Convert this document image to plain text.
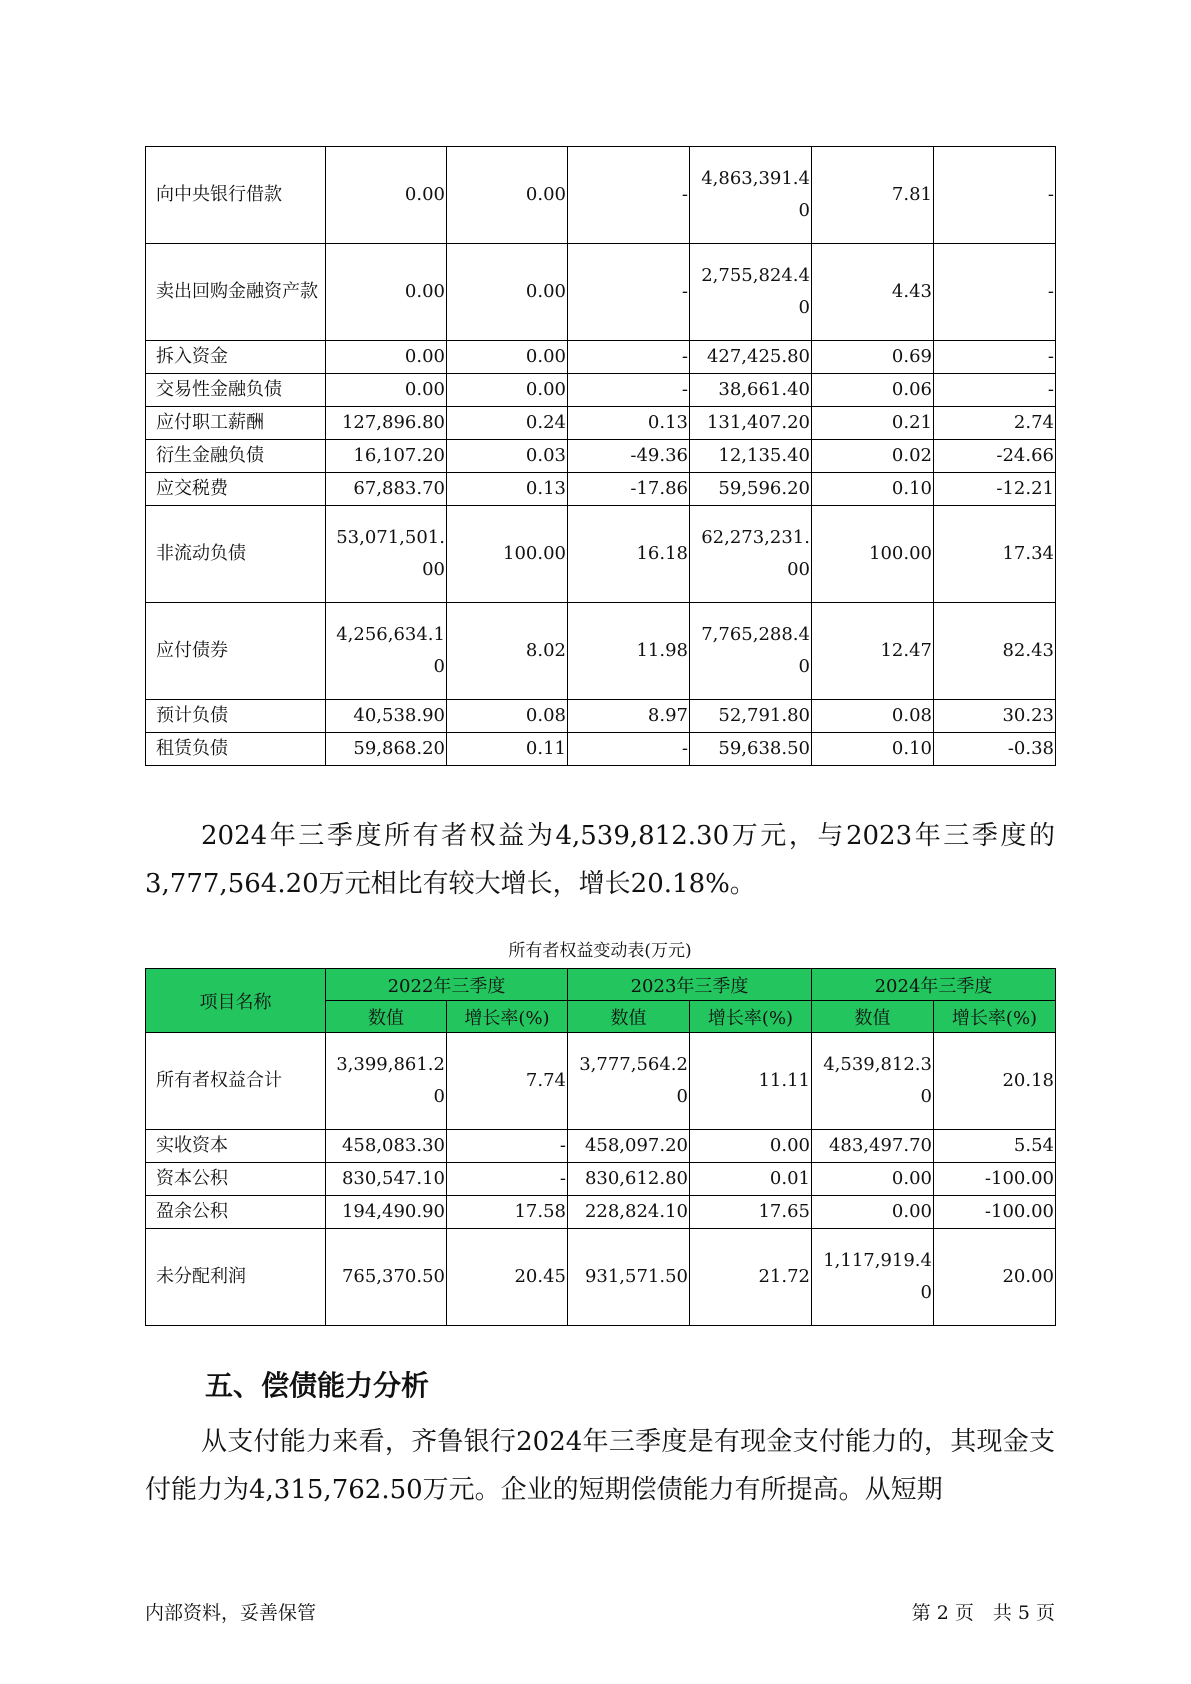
向中央银行借款	0.00	0.00	-	4,863,391.40	7.81	-
卖出回购金融资产款	0.00	0.00	-	2,755,824.40	4.43	-
拆入资金	0.00	0.00	-	427,425.80	0.69	-
交易性金融负债	0.00	0.00	-	38,661.40	0.06	-
应付职工薪酬	127,896.80	0.24	0.13	131,407.20	0.21	2.74
衍生金融负债	16,107.20	0.03	-49.36	12,135.40	0.02	-24.66
应交税费	67,883.70	0.13	-17.86	59,596.20	0.10	-12.21
非流动负债	53,071,501.00	100.00	16.18	62,273,231.00	100.00	17.34
应付债券	4,256,634.10	8.02	11.98	7,765,288.40	12.47	82.43
预计负债	40,538.90	0.08	8.97	52,791.80	0.08	30.23
租赁负债	59,868.20	0.11	-	59,638.50	0.10	-0.38

2024年三季度所有者权益为4,539,812.30万元，与2023年三季度的3,777,564.20万元相比有较大增长，增长20.18%。

所有者权益变动表(万元)

项目名称	2022年三季度		2023年三季度		2024年三季度	
	数值	增长率(%)	数值	增长率(%)	数值	增长率(%)
所有者权益合计	3,399,861.20	7.74	3,777,564.20	11.11	4,539,812.30	20.18
实收资本	458,083.30	-	458,097.20	0.00	483,497.70	5.54
资本公积	830,547.10	-	830,612.80	0.01	0.00	-100.00
盈余公积	194,490.90	17.58	228,824.10	17.65	0.00	-100.00
未分配利润	765,370.50	20.45	931,571.50	21.72	1,117,919.40	20.00
五、偿债能力分析

从支付能力来看，齐鲁银行2024年三季度是有现金支付能力的，其现金支付能力为4,315,762.50万元。企业的短期偿债能力有所提高。从短期

内部资料，妥善保管	第 2 页　共 5 页
